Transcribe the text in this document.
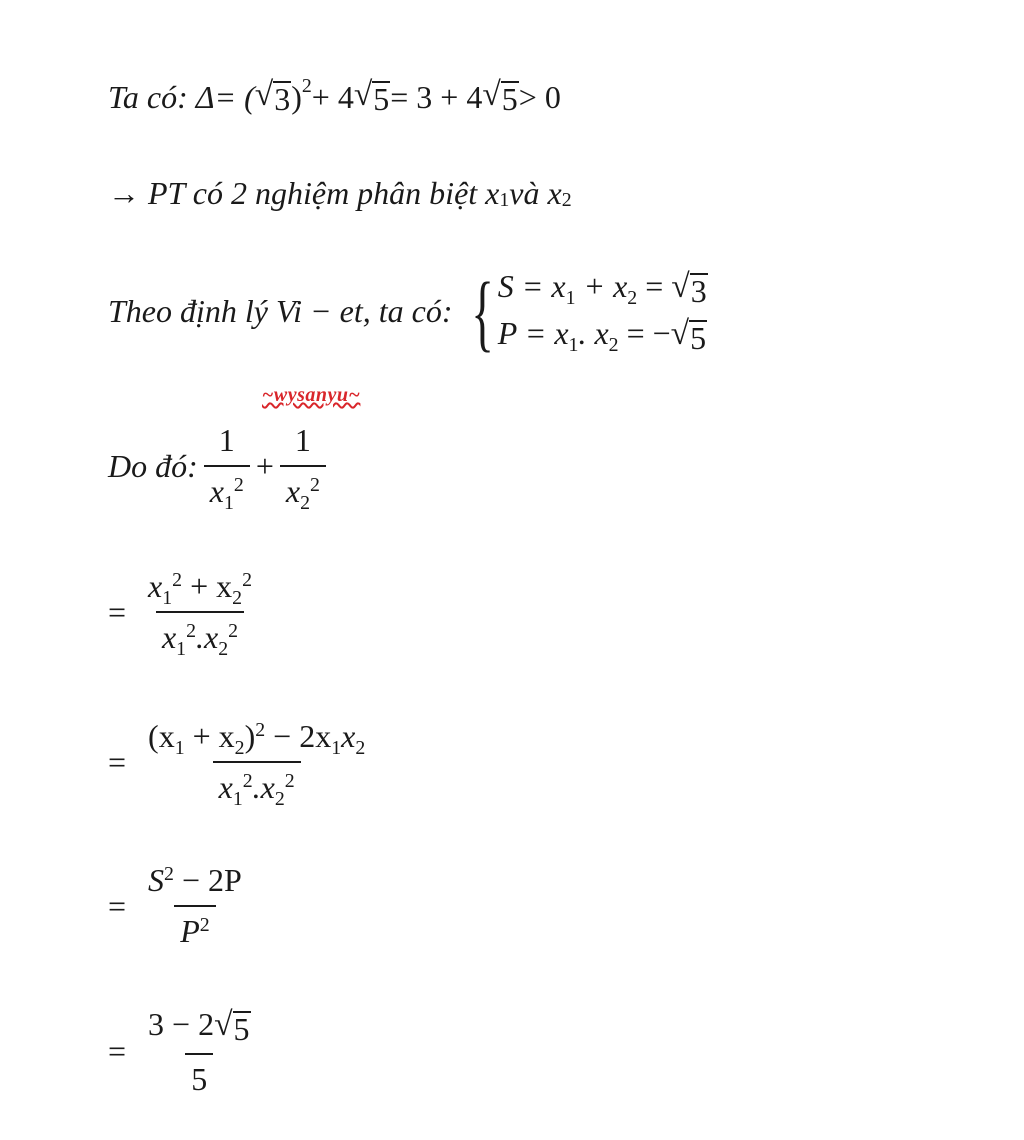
Ta có: Δ= ( √ 3 )$^2$ + 4 √ 5 = 3 + 4 √ 5 > 0
→ PT có 2 nghiệm phân biệt $x_1$ và $x_2$
Theo định lý Vi − et, ta có: { $S = x_1 + x_2$ = √ 3
$P = x_1$. $x_2$ = − √ 5
~wysanyu~
Do đó: $\frac{1}{x_1^2} + \frac{1}{x_2^2}$
= $\frac{x_1^2 + x_2^2}{x_1^2.x_2^2}$
= $\frac{(x_1 + x_2)^2 - 2x_1x_2}{x_1^2.x_2^2}$
= $\frac{S^2 - 2P}{P^2}$
= $\frac{3 - 2 √ 5}{5}$
